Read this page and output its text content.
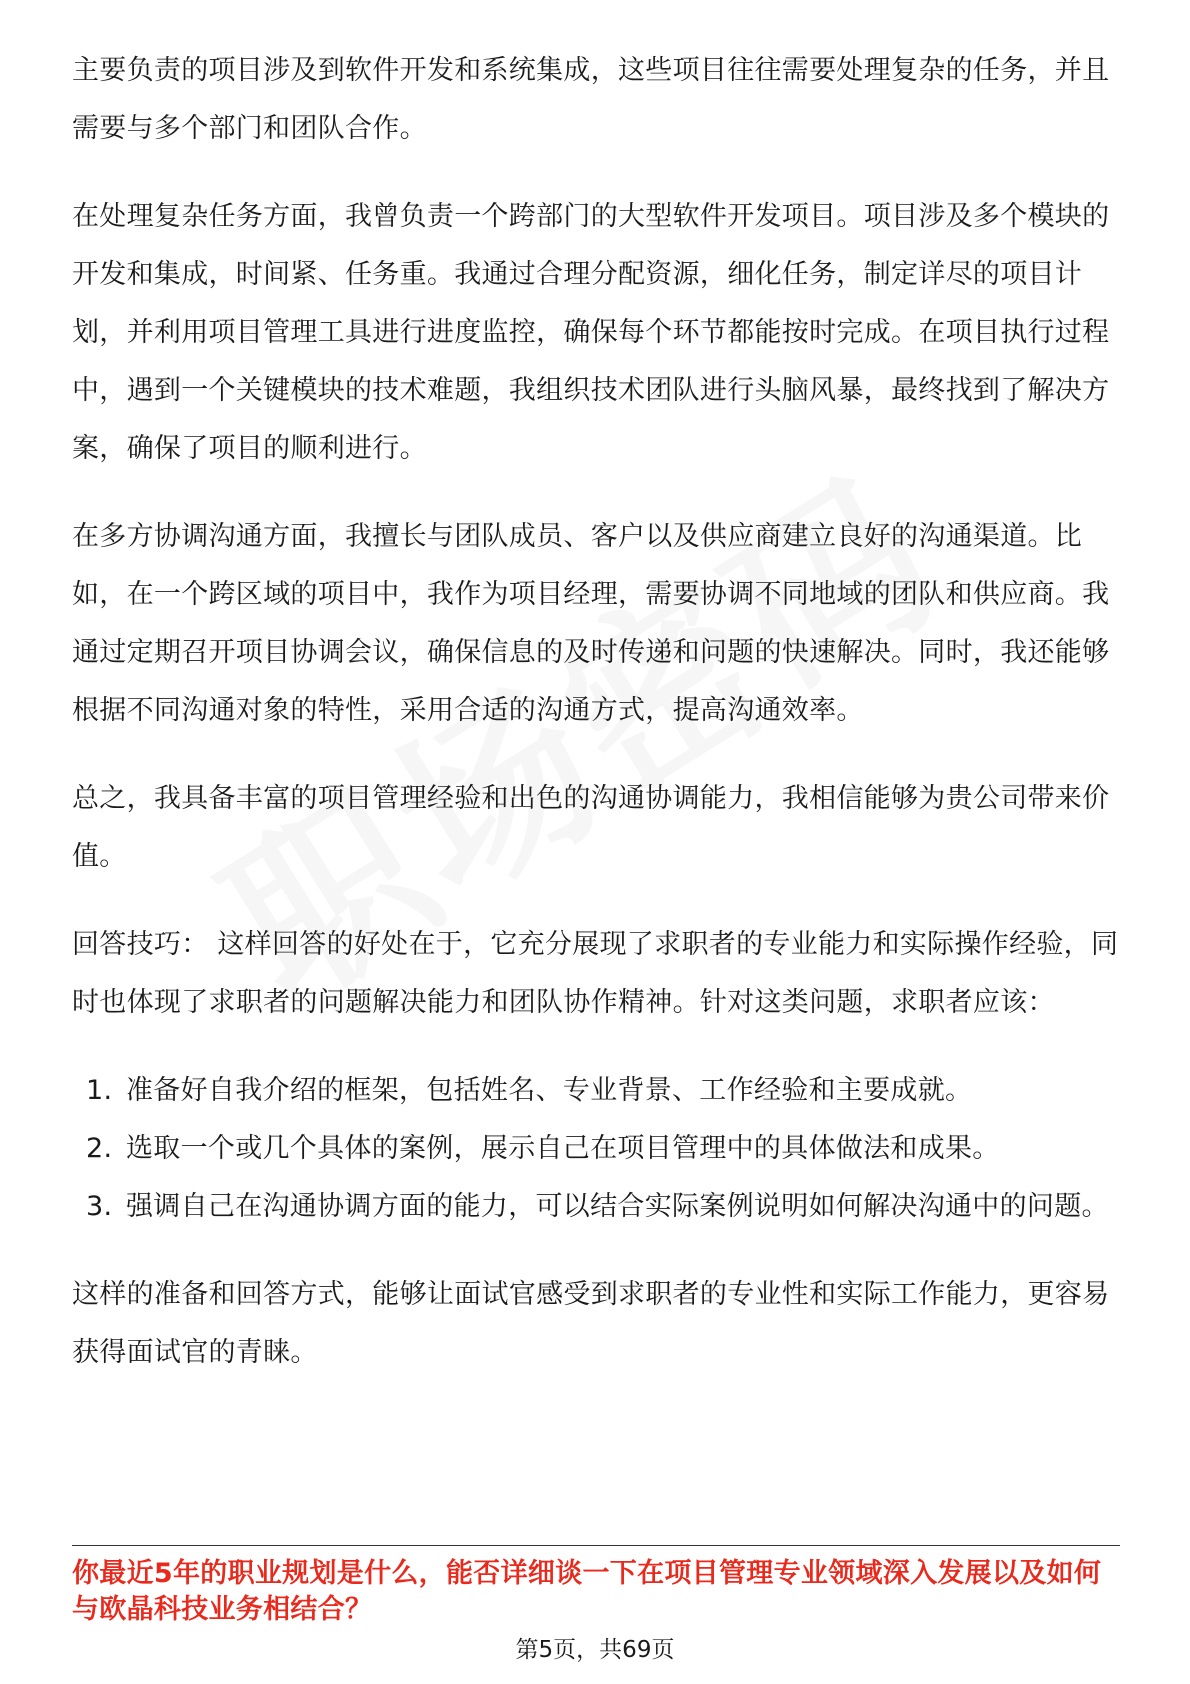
主要负责的项目涉及到软件开发和系统集成，这些项目往往需要处理复杂的任务，并且需要与多个部门和团队合作。

在处理复杂任务方面，我曾负责一个跨部门的大型软件开发项目。项目涉及多个模块的开发和集成，时间紧、任务重。我通过合理分配资源，细化任务，制定详尽的项目计划，并利用项目管理工具进行进度监控，确保每个环节都能按时完成。在项目执行过程中，遇到一个关键模块的技术难题，我组织技术团队进行头脑风暴，最终找到了解决方案，确保了项目的顺利进行。

在多方协调沟通方面，我擅长与团队成员、客户以及供应商建立良好的沟通渠道。比如，在一个跨区域的项目中，我作为项目经理，需要协调不同地域的团队和供应商。我通过定期召开项目协调会议，确保信息的及时传递和问题的快速解决。同时，我还能够根据不同沟通对象的特性，采用合适的沟通方式，提高沟通效率。

总之，我具备丰富的项目管理经验和出色的沟通协调能力，我相信能够为贵公司带来价值。

回答技巧： 这样回答的好处在于，它充分展现了求职者的专业能力和实际操作经验，同时也体现了求职者的问题解决能力和团队协作精神。针对这类问题，求职者应该：

1. 准备好自我介绍的框架，包括姓名、专业背景、工作经验和主要成就。
2. 选取一个或几个具体的案例，展示自己在项目管理中的具体做法和成果。
3. 强调自己在沟通协调方面的能力，可以结合实际案例说明如何解决沟通中的问题。

这样的准备和回答方式，能够让面试官感受到求职者的专业性和实际工作能力，更容易获得面试官的青睐。

你最近5年的职业规划是什么，能否详细谈一下在项目管理专业领域深入发展以及如何与欧晶科技业务相结合？
第5页，共69页
